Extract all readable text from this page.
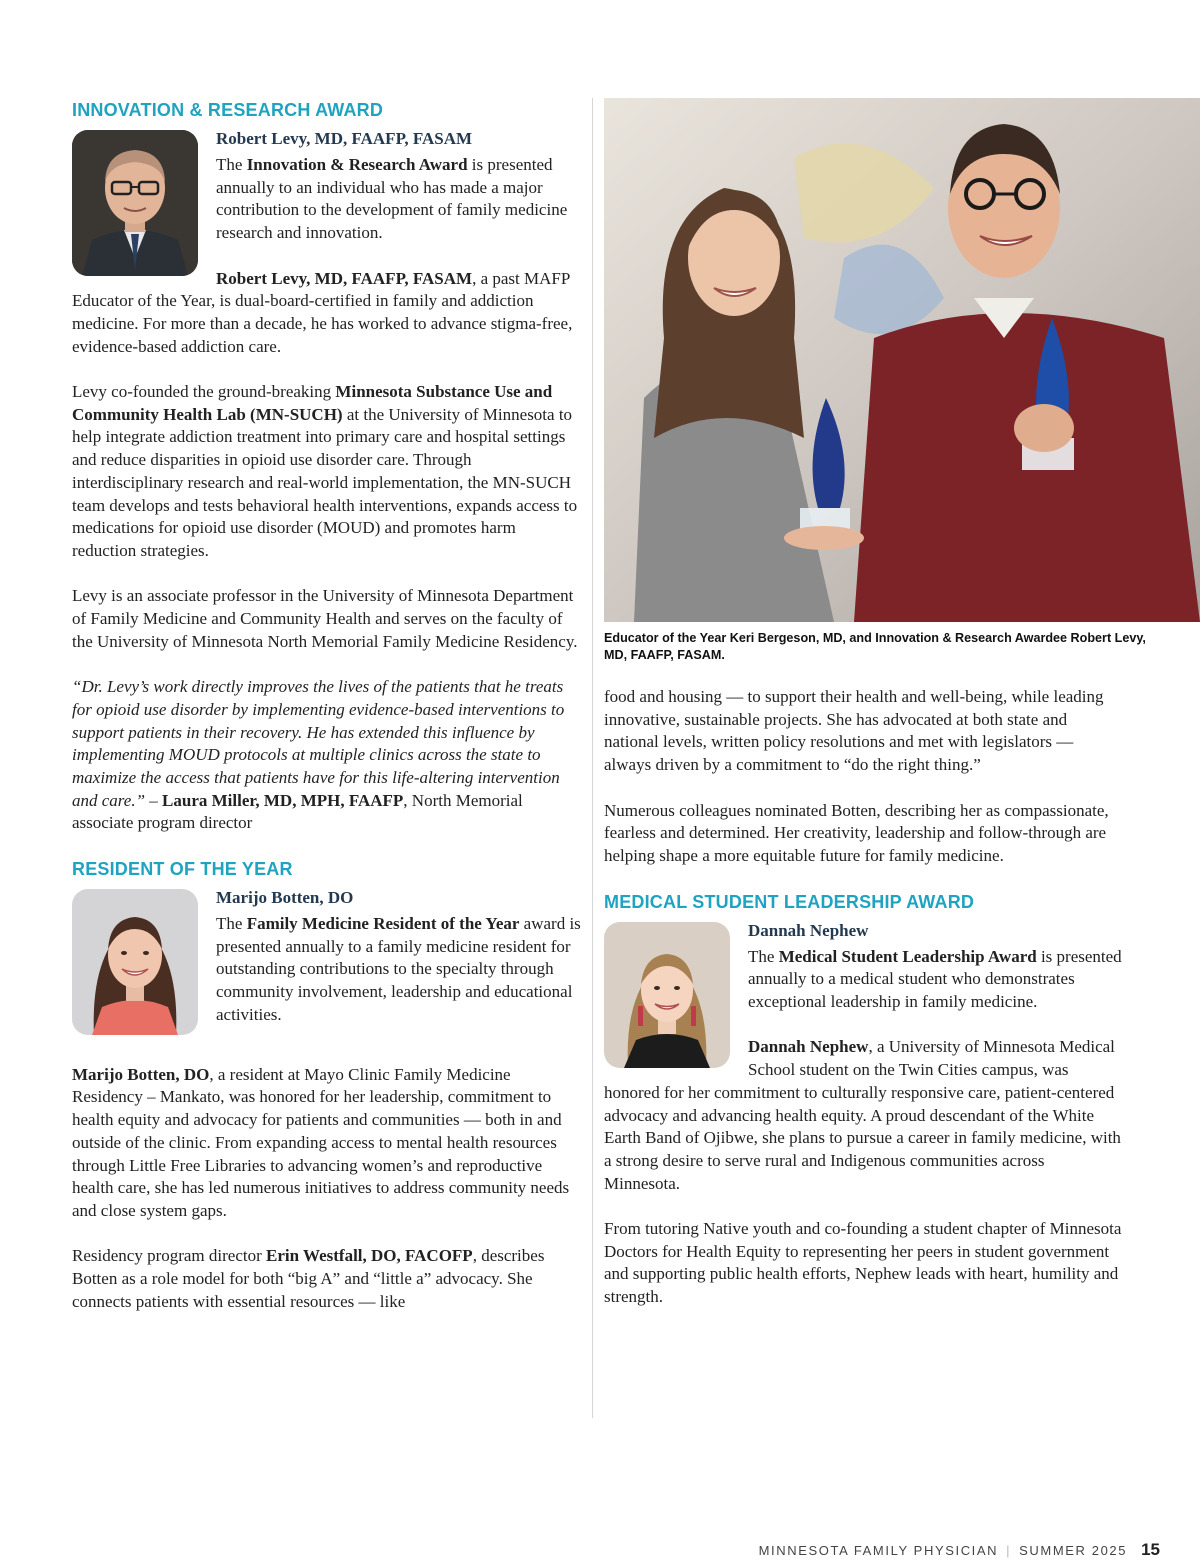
INNOVATION & RESEARCH AWARD

Robert Levy, MD, FAAFP, FASAM

The Innovation & Research Award is presented annually to an individual who has made a major contribution to the development of family medicine research and innovation.

Robert Levy, MD, FAAFP, FASAM, a past MAFP Educator of the Year, is dual-board-certified in family and addiction medicine. For more than a decade, he has worked to advance stigma-free, evidence-based addiction care.

Levy co-founded the ground-breaking Minnesota Substance Use and Community Health Lab (MN-SUCH) at the University of Minnesota to help integrate addiction treatment into primary care and hospital settings and reduce disparities in opioid use disorder care. Through interdisciplinary research and real-world implementation, the MN-SUCH team develops and tests behavioral health interventions, expands access to medications for opioid use disorder (MOUD) and promotes harm reduction strategies.

Levy is an associate professor in the University of Minnesota Department of Family Medicine and Community Health and serves on the faculty of the University of Minnesota North Memorial Family Medicine Residency.

“Dr. Levy’s work directly improves the lives of the patients that he treats for opioid use disorder by implementing evidence-based interventions to support patients in their recovery. He has extended this influence by implementing MOUD protocols at multiple clinics across the state to maximize the access that patients have for this life-altering intervention and care.” – Laura Miller, MD, MPH, FAAFP, North Memorial associate program director

RESIDENT OF THE YEAR

Marijo Botten, DO

The Family Medicine Resident of the Year award is presented annually to a family medicine resident for outstanding contributions to the specialty through community involvement, leadership and educational activities.

Marijo Botten, DO, a resident at Mayo Clinic Family Medicine Residency – Mankato, was honored for her leadership, commitment to health equity and advocacy for patients and communities — both in and outside of the clinic. From expanding access to mental health resources through Little Free Libraries to advancing women’s and reproductive health care, she has led numerous initiatives to address community needs and close system gaps.

Residency program director Erin Westfall, DO, FACOFP, describes Botten as a role model for both “big A” and “little a” advocacy. She connects patients with essential resources — like

Educator of the Year Keri Bergeson, MD, and Innovation & Research Awardee Robert Levy, MD, FAAFP, FASAM.

food and housing — to support their health and well-being, while leading innovative, sustainable projects. She has advocated at both state and national levels, written policy resolutions and met with legislators — always driven by a commitment to “do the right thing.”

Numerous colleagues nominated Botten, describing her as compassionate, fearless and determined. Her creativity, leadership and follow-through are helping shape a more equitable future for family medicine.

MEDICAL STUDENT LEADERSHIP AWARD

Dannah Nephew

The Medical Student Leadership Award is presented annually to a medical student who demonstrates exceptional leadership in family medicine.

Dannah Nephew, a University of Minnesota Medical School student on the Twin Cities campus, was honored for her commitment to culturally responsive care, patient-centered advocacy and advancing health equity. A proud descendant of the White Earth Band of Ojibwe, she plans to pursue a career in family medicine, with a strong desire to serve rural and Indigenous communities across Minnesota.

From tutoring Native youth and co-founding a student chapter of Minnesota Doctors for Health Equity to representing her peers in student government and supporting public health efforts, Nephew leads with heart, humility and strength.

MINNESOTA FAMILY PHYSICIAN | SUMMER 2025 15
